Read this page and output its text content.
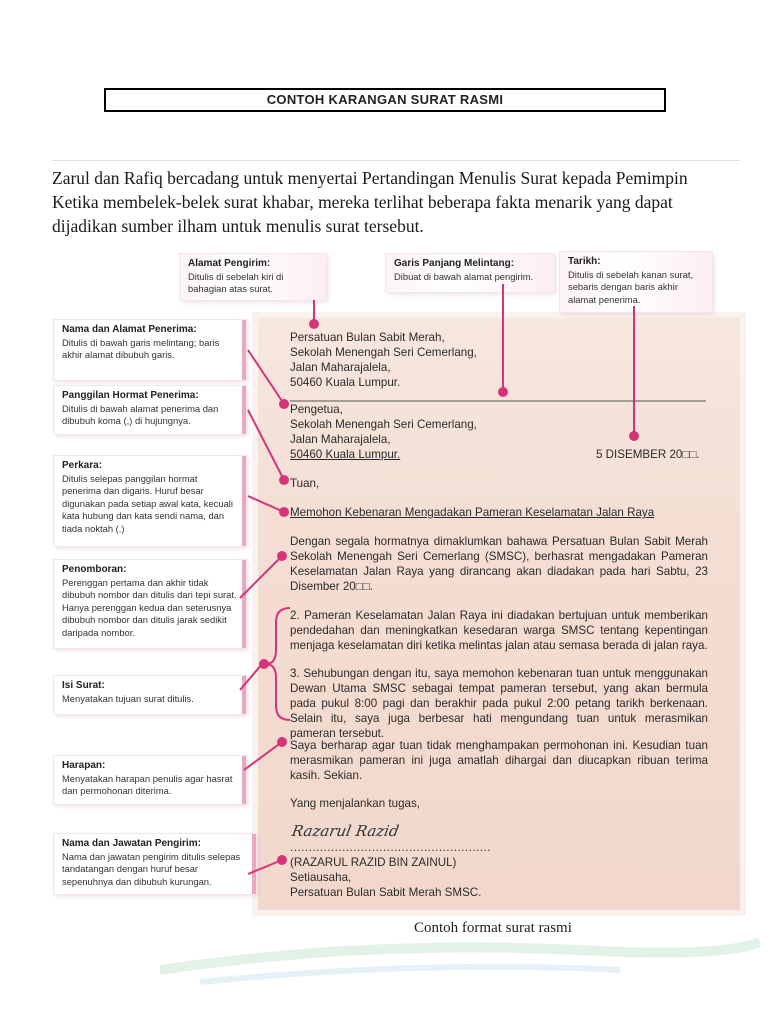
CONTOH KARANGAN SURAT RASMI
Zarul dan Rafiq bercadang untuk menyertai Pertandingan Menulis Surat kepada Pemimpin
Ketika membelek-belek surat khabar, mereka terlihat beberapa fakta menarik yang dapat
dijadikan sumber ilham untuk menulis surat tersebut.
Alamat Pengirim:
Ditulis di sebelah kiri di bahagian atas surat.
Garis Panjang Melintang:
Dibuat di bawah alamat pengirim.
Tarikh:
Ditulis di sebelah kanan surat, sebaris dengan baris akhir alamat penerima.
Nama dan Alamat Penerima:
Ditulis di bawah garis melintang; baris akhir alamat dibubuh garis.
Panggilan Hormat Penerima:
Ditulis di bawah alamat penerima dan dibubuh koma (,) di hujungnya.
Perkara:
Ditulis selepas panggilan hormat penerima dan digaris. Huruf besar digunakan pada setiap awal kata, kecuali kata hubung dan kata sendi nama, dan tiada noktah (.)
Penomboran:
Perenggan pertama dan akhir tidak dibubuh nombor dan ditulis dari tepi surat. Hanya perenggan kedua dan seterusnya dibubuh nombor dan ditulis jarak sedikit daripada nombor.
Isi Surat:
Menyatakan tujuan surat ditulis.
Harapan:
Menyatakan harapan penulis agar hasrat dan permohonan diterima.
Nama dan Jawatan Pengirim:
Nama dan jawatan pengirim ditulis selepas tandatangan dengan huruf besar sepenuhnya dan dibubuh kurungan.
Persatuan Bulan Sabit Merah,
Sekolah Menengah Seri Cemerlang,
Jalan Maharajalela,
50460 Kuala Lumpur.
Pengetua,
Sekolah Menengah Seri Cemerlang,
Jalan Maharajalela,
50460 Kuala Lumpur.	5 DISEMBER 20□□.
Tuan,
Memohon Kebenaran Mengadakan Pameran Keselamatan Jalan Raya
Dengan segala hormatnya dimaklumkan bahawa Persatuan Bulan Sabit Merah Sekolah Menengah Seri Cemerlang (SMSC), berhasrat mengadakan Pameran Keselamatan Jalan Raya yang dirancang akan diadakan pada hari Sabtu, 23 Disember 20□□.
2. Pameran Keselamatan Jalan Raya ini diadakan bertujuan untuk memberikan pendedahan dan meningkatkan kesedaran warga SMSC tentang kepentingan menjaga keselamatan diri ketika melintas jalan atau semasa berada di jalan raya.
3. Sehubungan dengan itu, saya memohon kebenaran tuan untuk menggunakan Dewan Utama SMSC sebagai tempat pameran tersebut, yang akan bermula pada pukul 8:00 pagi dan berakhir pada pukul 2:00 petang tarikh berkenaan. Selain itu, saya juga berbesar hati mengundang tuan untuk merasmikan pameran tersebut.
Saya berharap agar tuan tidak menghampakan permohonan ini. Kesudian tuan merasmikan pameran ini juga amatlah dihargai dan diucapkan ribuan terima kasih. Sekian.
Yang menjalankan tugas,
Razarul Razid
......................................................
(RAZARUL RAZID BIN ZAINUL)
Setiausaha,
Persatuan Bulan Sabit Merah SMSC.
Contoh format surat rasmi
